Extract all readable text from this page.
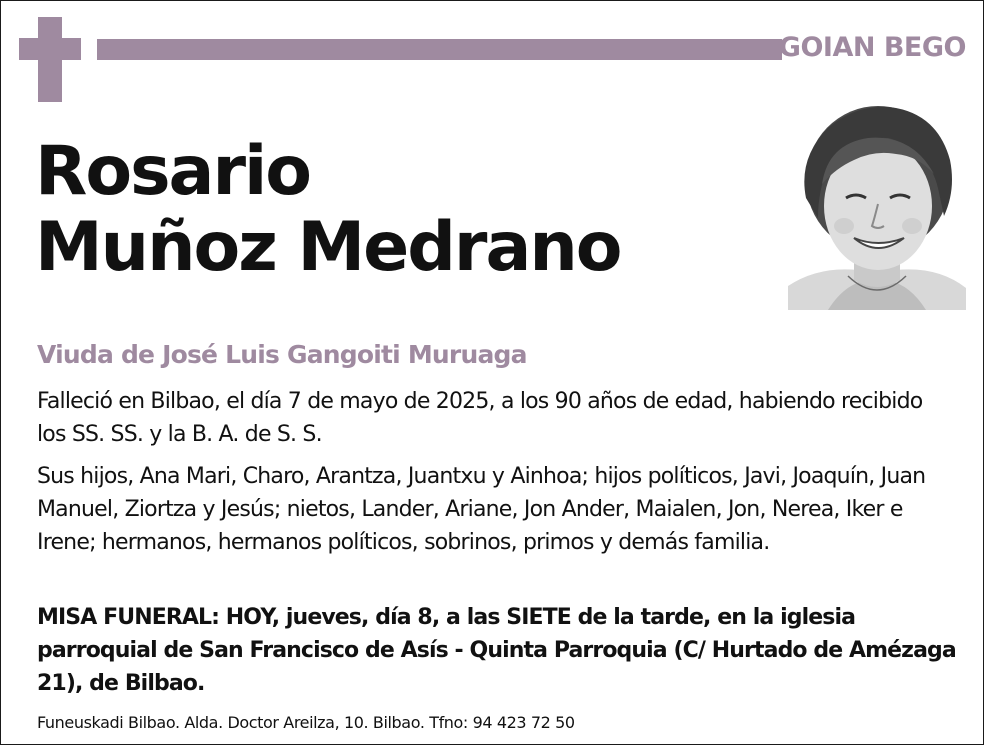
GOIAN BEGO
Rosario
Muñoz Medrano
Viuda de José Luis Gangoiti Muruaga

Falleció en Bilbao, el día 7 de mayo de 2025, a los 90 años de edad, habiendo recibido los SS. SS. y la B. A. de S. S.

Sus hijos, Ana Mari, Charo, Arantza, Juantxu y Ainhoa; hijos políticos, Javi, Joaquín, Juan Manuel, Ziortza y Jesús; nietos, Lander, Ariane, Jon Ander, Maialen, Jon, Nerea, Iker e Irene; hermanos, hermanos políticos, sobrinos, primos y demás familia.

MISA FUNERAL: HOY, jueves, día 8, a las SIETE de la tarde, en la iglesia parroquial de San Francisco de Asís - Quinta Parroquia (C/ Hurtado de Amézaga 21), de Bilbao.

Funeuskadi Bilbao. Alda. Doctor Areilza, 10. Bilbao. Tfno: 94 423 72 50
